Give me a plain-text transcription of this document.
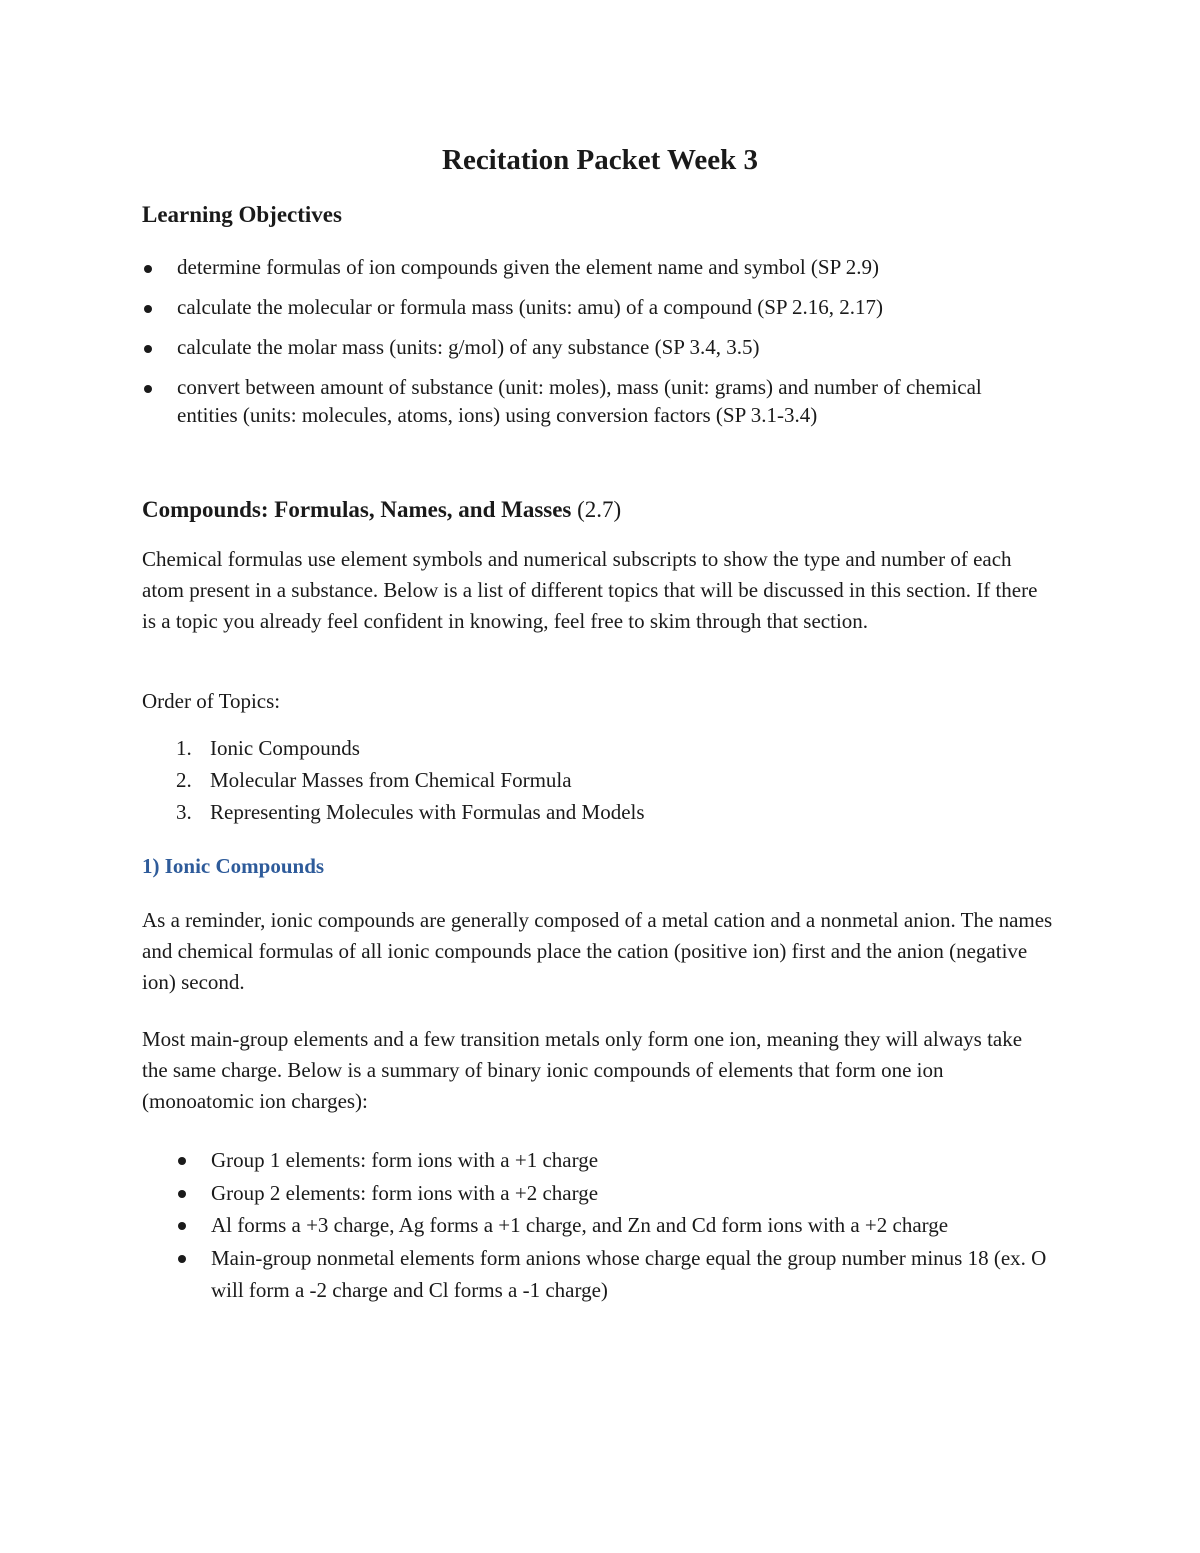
Recitation Packet Week 3
Learning Objectives
determine formulas of ion compounds given the element name and symbol (SP 2.9)
calculate the molecular or formula mass (units: amu) of a compound (SP 2.16, 2.17)
calculate the molar mass (units: g/mol) of any substance (SP 3.4, 3.5)
convert between amount of substance (unit: moles), mass (unit: grams) and number of chemical entities (units: molecules, atoms, ions) using conversion factors (SP 3.1-3.4)
Compounds: Formulas, Names, and Masses (2.7)

Chemical formulas use element symbols and numerical subscripts to show the type and number of each atom present in a substance. Below is a list of different topics that will be discussed in this section. If there is a topic you already feel confident in knowing, feel free to skim through that section.

Order of Topics:

1. Ionic Compounds
2. Molecular Masses from Chemical Formula
3. Representing Molecules with Formulas and Models
1) Ionic Compounds

As a reminder, ionic compounds are generally composed of a metal cation and a nonmetal anion. The names and chemical formulas of all ionic compounds place the cation (positive ion) first and the anion (negative ion) second.

Most main-group elements and a few transition metals only form one ion, meaning they will always take the same charge. Below is a summary of binary ionic compounds of elements that form one ion (monoatomic ion charges):

Group 1 elements: form ions with a +1 charge
Group 2 elements: form ions with a +2 charge
Al forms a +3 charge, Ag forms a +1 charge, and Zn and Cd form ions with a +2 charge
Main-group nonmetal elements form anions whose charge equal the group number minus 18 (ex. O will form a -2 charge and Cl forms a -1 charge)
